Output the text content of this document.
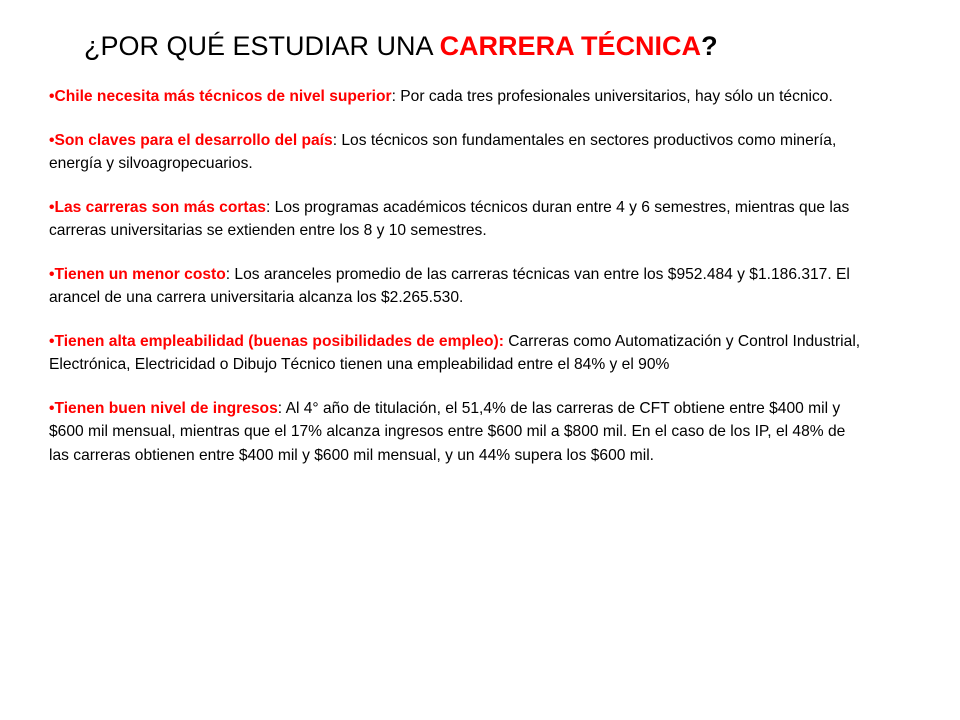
¿POR QUÉ ESTUDIAR UNA CARRERA TÉCNICA?
•Chile necesita más técnicos de nivel superior: Por cada tres profesionales universitarios, hay sólo un técnico.
•Son claves para el desarrollo del país: Los técnicos son fundamentales en sectores productivos como minería, energía y silvoagropecuarios.
•Las carreras son más cortas: Los programas académicos técnicos duran entre 4 y 6 semestres, mientras que las carreras universitarias se extienden entre los 8 y 10 semestres.
•Tienen un menor costo: Los aranceles promedio de las carreras técnicas van entre los $952.484 y $1.186.317. El arancel de una carrera universitaria alcanza los $2.265.530.
•Tienen alta empleabilidad (buenas posibilidades de empleo): Carreras como Automatización y Control Industrial, Electrónica, Electricidad o Dibujo Técnico tienen una empleabilidad entre el 84% y el 90%
•Tienen buen nivel de ingresos: Al 4° año de titulación, el 51,4% de las carreras de CFT obtiene entre $400 mil y $600 mil mensual, mientras que el 17% alcanza ingresos entre $600 mil a $800 mil. En el caso de los IP, el 48% de las carreras obtienen entre $400 mil y $600 mil mensual, y un 44% supera los $600 mil.
